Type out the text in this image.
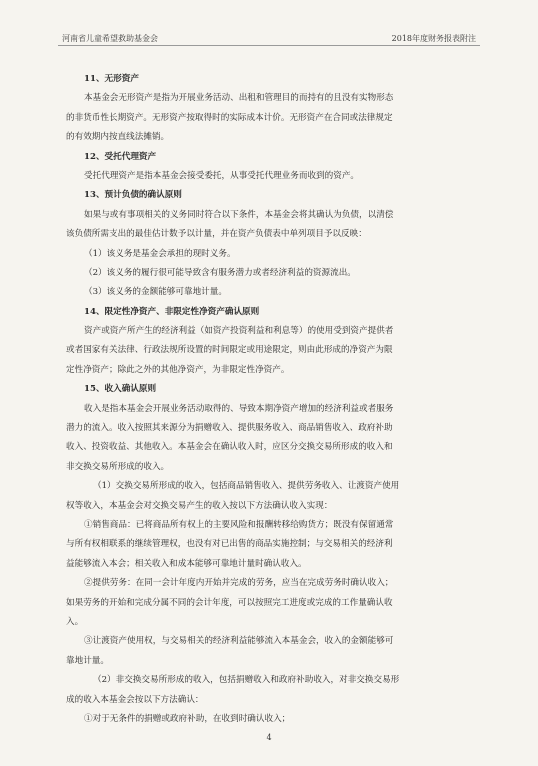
河南省儿童希望救助基金会	2018年度财务报表附注
11、无形资产
本基金会无形资产是指为开展业务活动、出租和管理目的而持有的且没有实物形态
的非货币性长期资产。无形资产按取得时的实际成本计价。无形资产在合同或法律规定
的有效期内按直线法摊销。
12、受托代理资产
受托代理资产是指本基金会接受委托，从事受托代理业务而收到的资产。
13、预计负债的确认原则
如果与或有事项相关的义务同时符合以下条件，本基金会将其确认为负债，以清偿
该负债所需支出的最佳估计数予以计量，并在资产负债表中单列项目予以反映：
（1）该义务是基金会承担的现时义务。
（2）该义务的履行很可能导致含有服务潜力或者经济利益的资源流出。
（3）该义务的金额能够可靠地计量。
14、限定性净资产、非限定性净资产确认原则
资产或资产所产生的经济利益（如资产投资利益和利息等）的使用受到资产提供者
或者国家有关法律、行政法规所设置的时间限定或用途限定，则由此形成的净资产为限
定性净资产；除此之外的其他净资产，为非限定性净资产。
15、收入确认原则
收入是指本基金会开展业务活动取得的、导致本期净资产增加的经济利益或者服务
潜力的流入。收入按照其来源分为捐赠收入、提供服务收入、商品销售收入、政府补助
收入、投资收益、其他收入。本基金会在确认收入时，应区分交换交易所形成的收入和
非交换交易所形成的收入。
（1）交换交易所形成的收入，包括商品销售收入、提供劳务收入、让渡资产使用
权等收入，本基金会对交换交易产生的收入按以下方法确认收入实现：
①销售商品：已将商品所有权上的主要风险和报酬转移给购货方；既没有保留通常
与所有权相联系的继续管理权，也没有对已出售的商品实施控制；与交易相关的经济利
益能够流入本会；相关收入和成本能够可靠地计量时确认收入。
②提供劳务：在同一会计年度内开始并完成的劳务，应当在完成劳务时确认收入；
如果劳务的开始和完成分属不同的会计年度，可以按照完工进度或完成的工作量确认收
入。
③让渡资产使用权，与交易相关的经济利益能够流入本基金会，收入的金额能够可
靠地计量。
（2）非交换交易所形成的收入，包括捐赠收入和政府补助收入，对非交换交易形
成的收入本基金会按以下方法确认：
①对于无条件的捐赠或政府补助，在收到时确认收入；
4
